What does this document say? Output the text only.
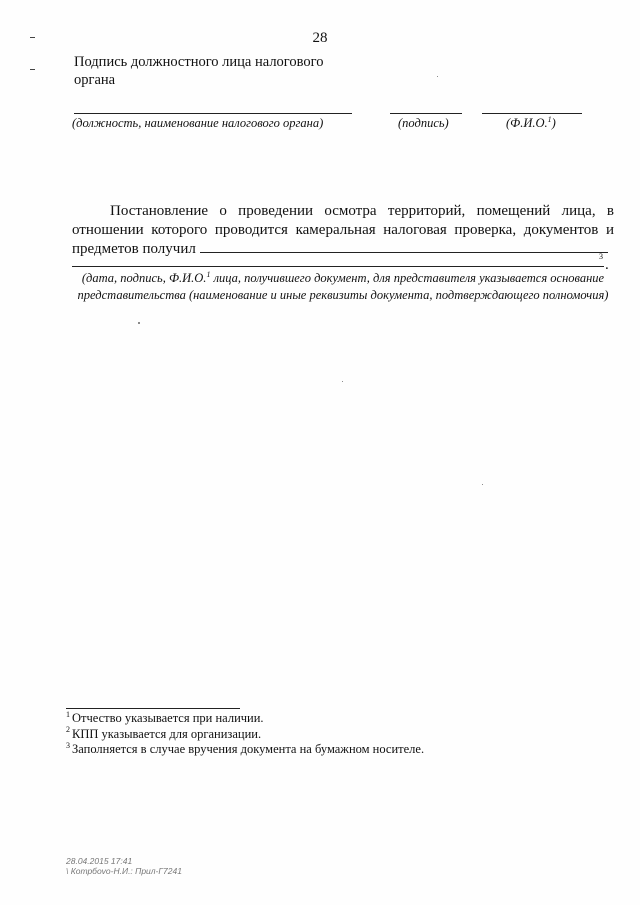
28
Подпись должностного лица налогового органа
(должность, наименование налогового органа)	(подпись)	(Ф.И.О.$^1$)
Постановление о проведении осмотра территорий, помещений лица, в отношении которого проводится камеральная налоговая проверка, документов и предметов получил	3
.
(дата, подпись, Ф.И.О.$^1$ лица, получившего документ, для представителя указывается основание представительства (наименование и иные реквизиты документа, подтверждающего полномочия)
$^1$ Отчество указывается при наличии.
$^2$ КПП указывается для организации.
$^3$ Заполняется в случае вручения документа на бумажном носителе.
28.04.2015 17:41
\ Котрбоvо-Н.И.: Прил-Г7241
